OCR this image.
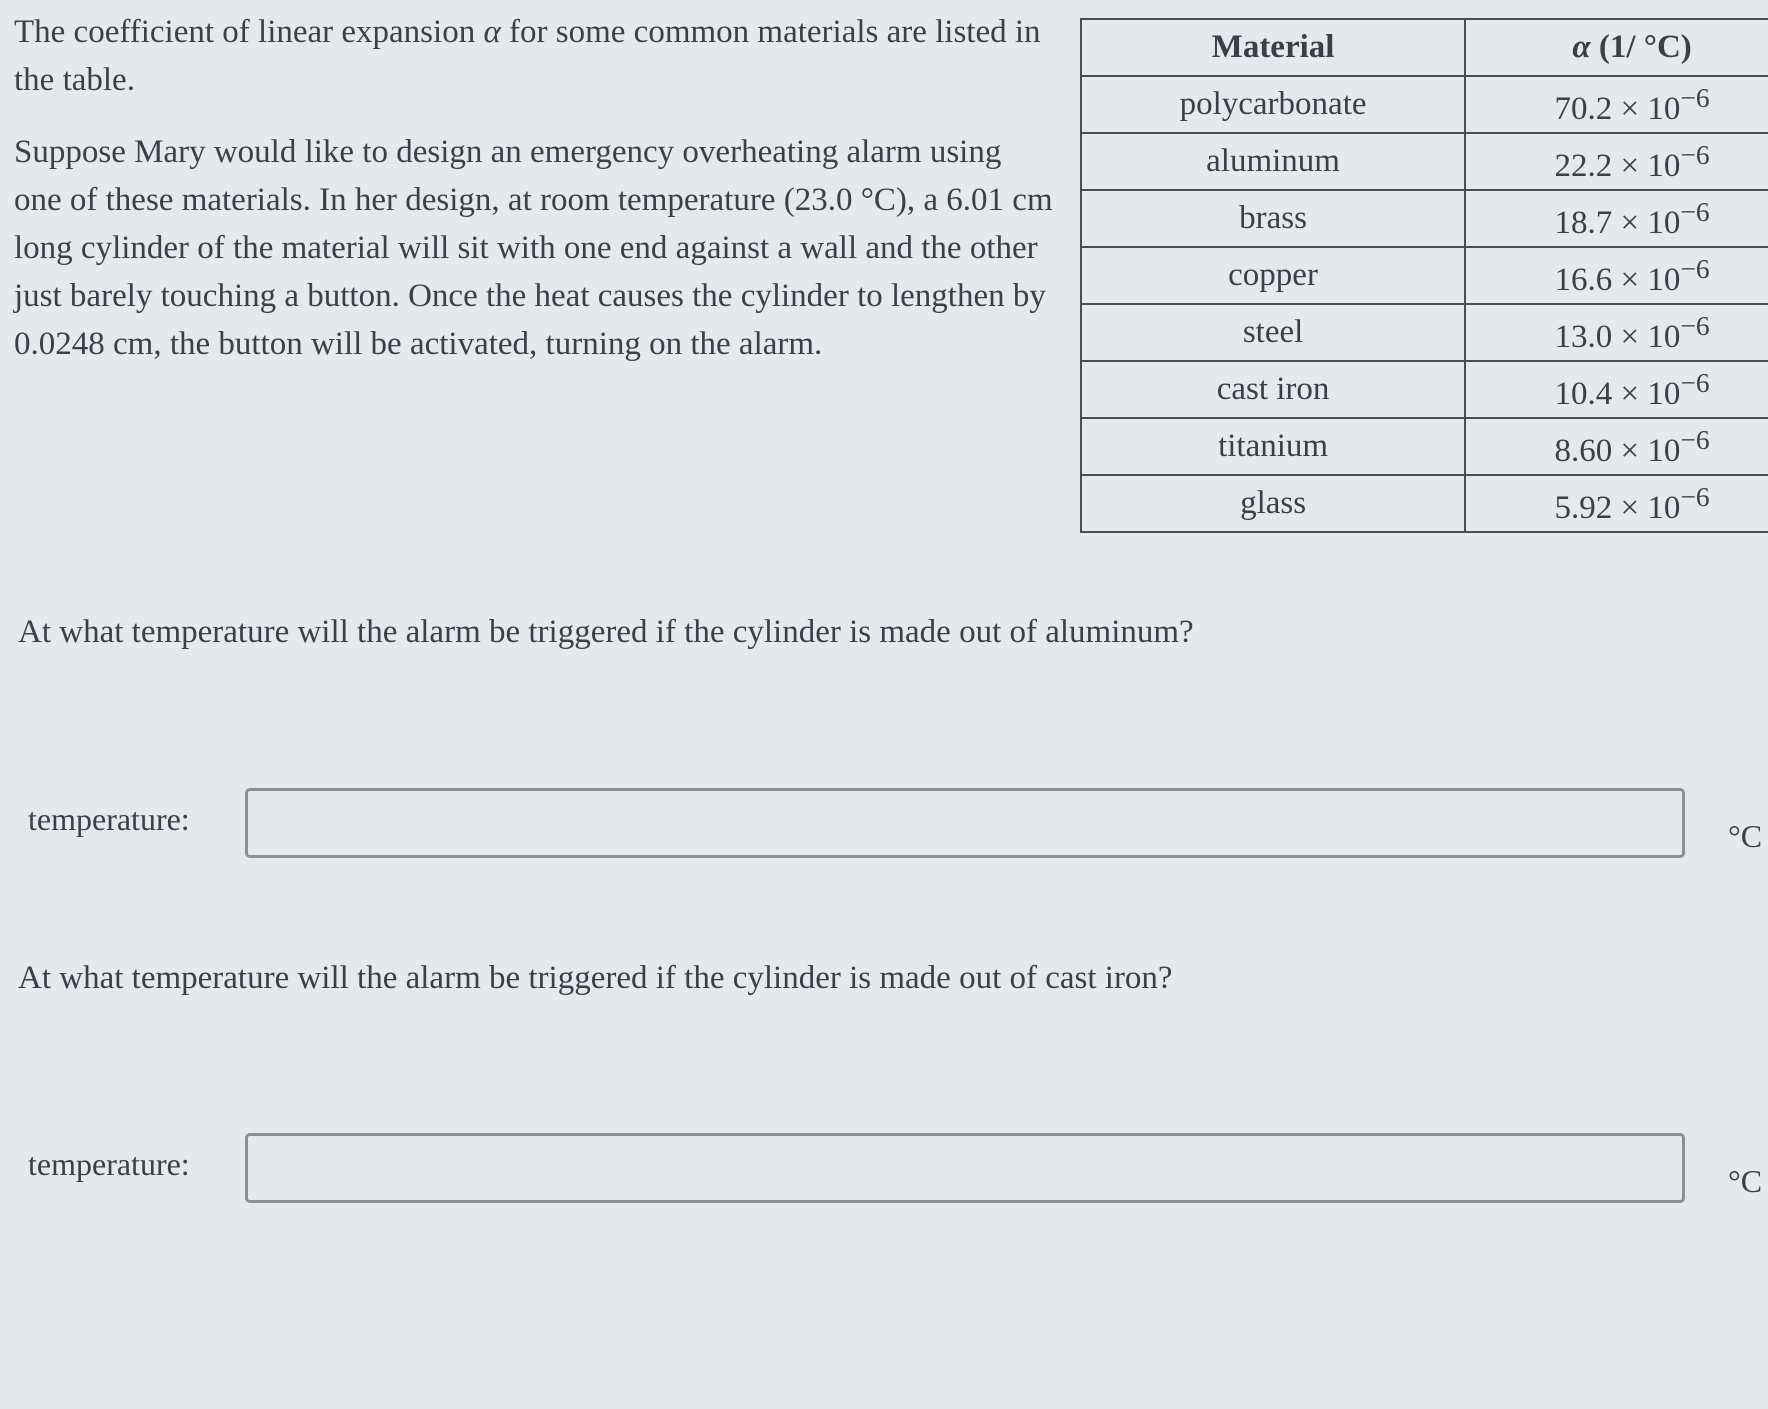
The coefficient of linear expansion α for some common materials are listed in the table.

Suppose Mary would like to design an emergency overheating alarm using one of these materials. In her design, at room temperature (23.0 °C), a 6.01 cm long cylinder of the material will sit with one end against a wall and the other just barely touching a button. Once the heat causes the cylinder to lengthen by 0.0248 cm, the button will be activated, turning on the alarm.

Material	α (1/ °C)
polycarbonate	$70.2 \times 10^{-6}$
aluminum	$22.2 \times 10^{-6}$
brass	$18.7 \times 10^{-6}$
copper	$16.6 \times 10^{-6}$
steel	$13.0 \times 10^{-6}$
cast iron	$10.4 \times 10^{-6}$
titanium	$8.60 \times 10^{-6}$
glass	$5.92 \times 10^{-6}$
At what temperature will the alarm be triggered if the cylinder is made out of aluminum?
temperature:	°C
At what temperature will the alarm be triggered if the cylinder is made out of cast iron?
temperature:	°C
